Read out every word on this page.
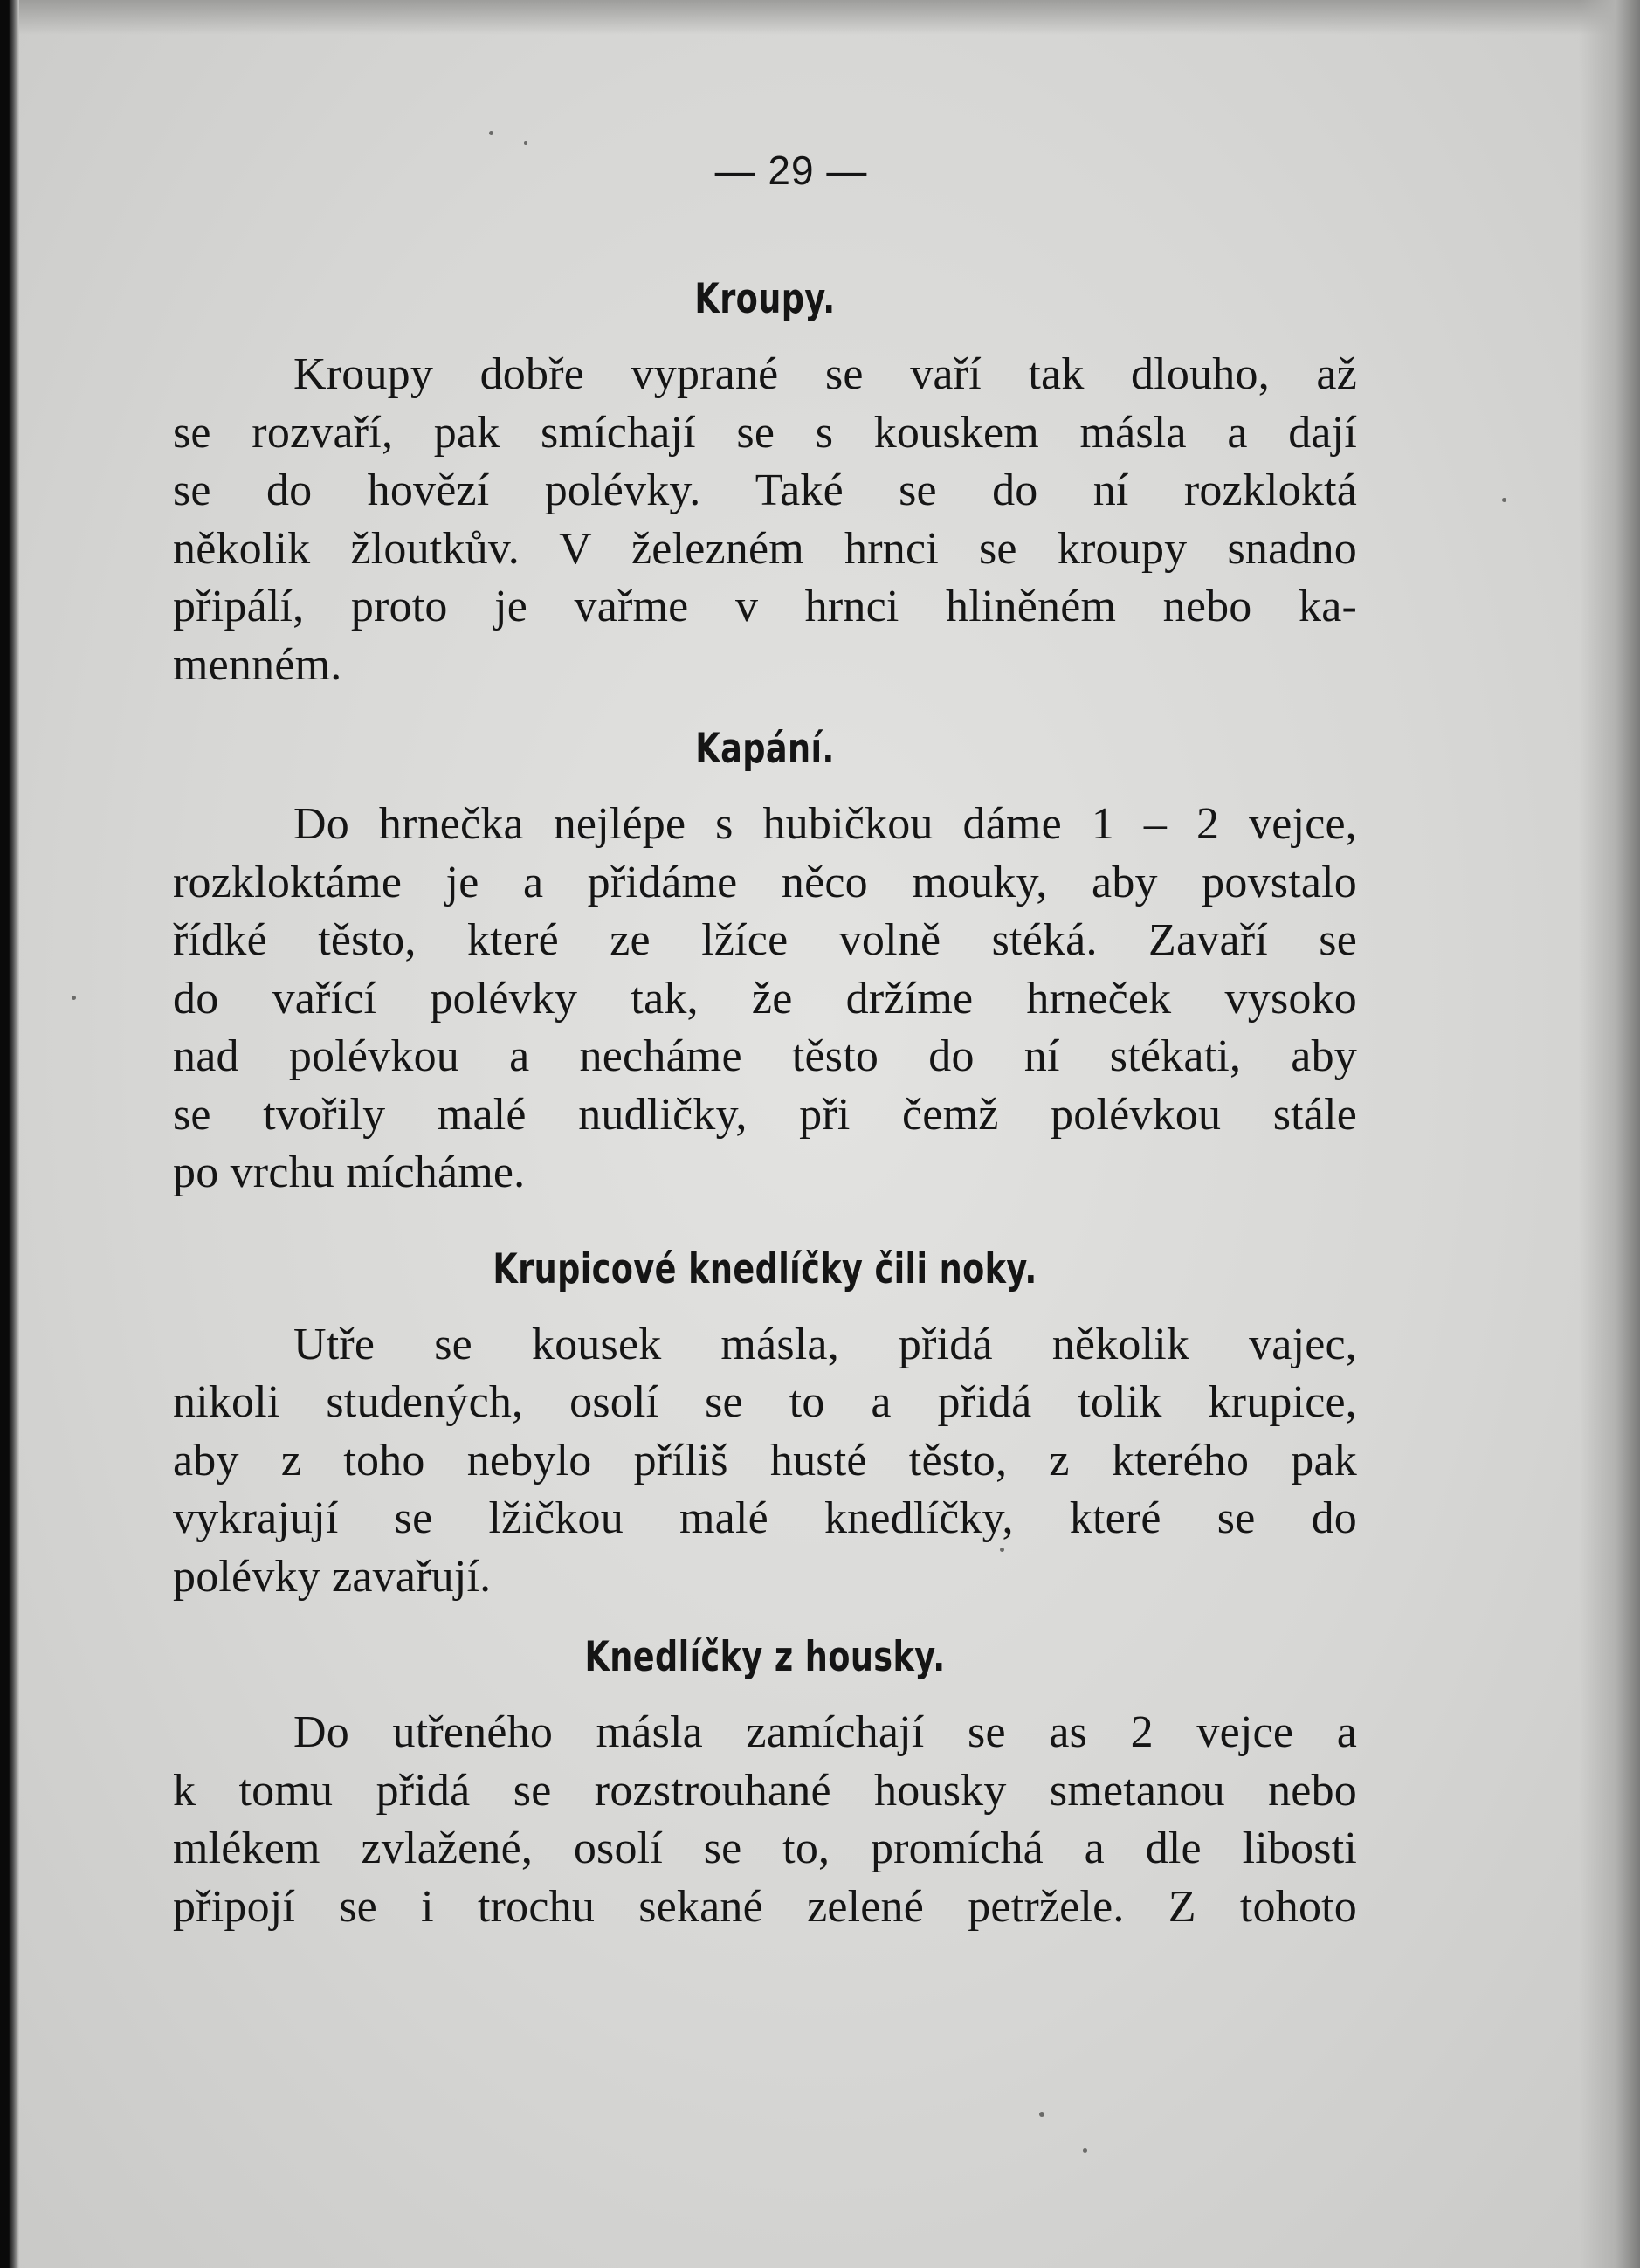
— 29 —
Kroupy.
Kroupy dobře vyprané se vaří tak dlouho, až
se rozvaří, pak smíchají se s kouskem másla a dají
se do hovězí polévky. Také se do ní rozkloktá
několik žloutkův. V železném hrnci se kroupy snadno
připálí, proto je vařme v hrnci hliněném nebo ka-
menném.
Kapání.
Do hrnečka nejlépe s hubičkou dáme 1 – 2 vejce,
rozkloktáme je a přidáme něco mouky, aby povstalo
řídké těsto, které ze lžíce volně stéká. Zavaří se
do vařící polévky tak, že držíme hrneček vysoko
nad polévkou a necháme těsto do ní stékati, aby
se tvořily malé nudličky, při čemž polévkou stále
po vrchu mícháme.
Krupicové knedlíčky čili noky.
Utře se kousek másla, přidá několik vajec,
nikoli studených, osolí se to a přidá tolik krupice,
aby z toho nebylo příliš husté těsto, z kterého pak
vykrajují se lžičkou malé knedlíčky, které se do
polévky zavařují.
Knedlíčky z housky.
Do utřeného másla zamíchají se as 2 vejce a
k tomu přidá se rozstrouhané housky smetanou nebo
mlékem zvlažené, osolí se to, promíchá a dle libosti
připojí se i trochu sekané zelené petržele. Z tohoto
